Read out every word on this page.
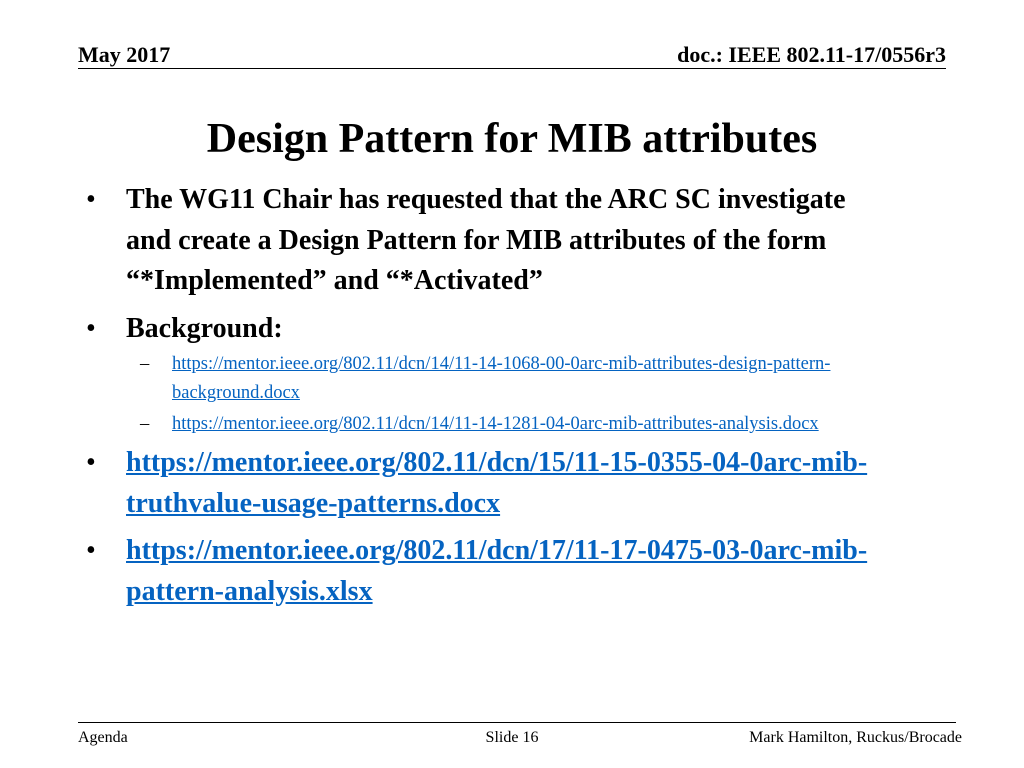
May 2017	doc.: IEEE 802.11-17/0556r3
Design Pattern for MIB attributes
• The WG11 Chair has requested that the ARC SC investigate and create a Design Pattern for MIB attributes of the form “*Implemented” and “*Activated”
• Background:
– https://mentor.ieee.org/802.11/dcn/14/11-14-1068-00-0arc-mib-attributes-design-pattern-background.docx
– https://mentor.ieee.org/802.11/dcn/14/11-14-1281-04-0arc-mib-attributes-analysis.docx
• https://mentor.ieee.org/802.11/dcn/15/11-15-0355-04-0arc-mib-truthvalue-usage-patterns.docx
• https://mentor.ieee.org/802.11/dcn/17/11-17-0475-03-0arc-mib-pattern-analysis.xlsx
Agenda	Slide 16	Mark Hamilton, Ruckus/Brocade
